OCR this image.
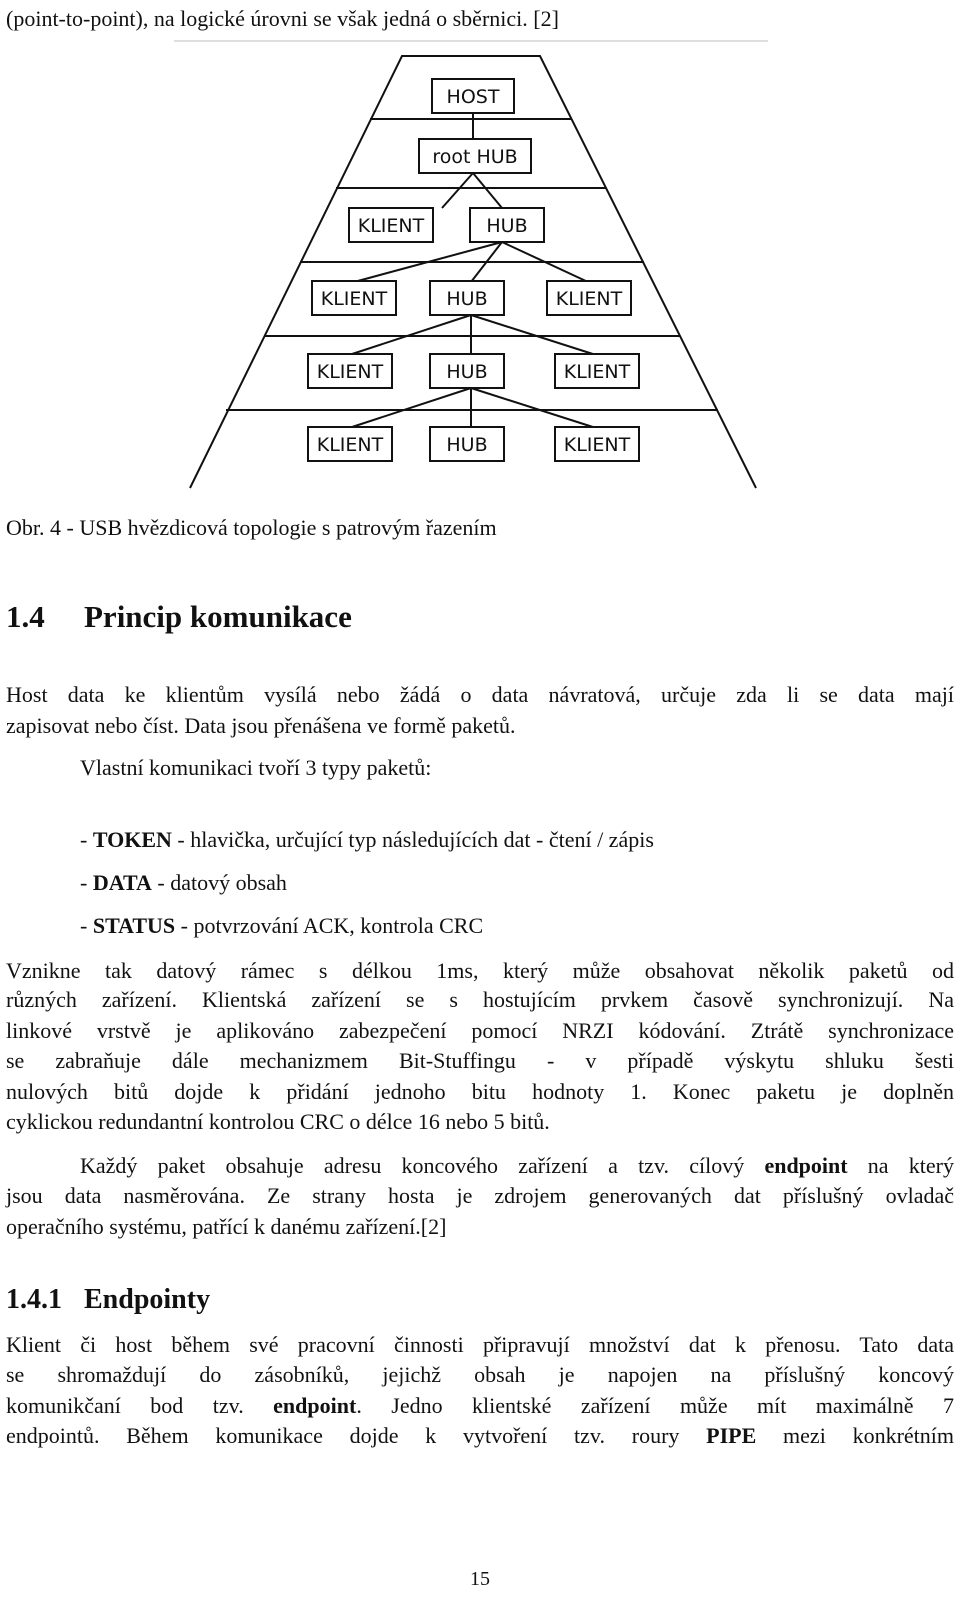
(point-to-point), na logické úrovni se však jedná o sběrnici. [2]
HOST
root HUB
KLIENT	HUB
KLIENT	HUB	KLIENT
KLIENT	HUB	KLIENT
KLIENT	HUB	KLIENT
Obr. 4 - USB hvězdicová topologie s patrovým řazením
1.4 Princip komunikace
Host data ke klientům vysílá nebo žádá o data návratová, určuje zda li se data mají
zapisovat nebo číst. Data jsou přenášena ve formě paketů.
Vlastní komunikaci tvoří 3 typy paketů:
- TOKEN - hlavička, určující typ následujících dat - čtení / zápis
- DATA - datový obsah
- STATUS - potvrzování ACK, kontrola CRC
Vznikne tak datový rámec s délkou 1ms, který může obsahovat několik paketů od
různých zařízení. Klientská zařízení se s hostujícím prvkem časově synchronizují. Na
linkové vrstvě je aplikováno zabezpečení pomocí NRZI kódování. Ztrátě synchronizace
se zabraňuje dále mechanizmem Bit-Stuffingu - v případě výskytu shluku šesti
nulových bitů dojde k přidání jednoho bitu hodnoty 1. Konec paketu je doplněn
cyklickou redundantní kontrolou CRC o délce 16 nebo 5 bitů.
Každý paket obsahuje adresu koncového zařízení a tzv. cílový endpoint na který
jsou data nasměrována. Ze strany hosta je zdrojem generovaných dat příslušný ovladač
operačního systému, patřící k danému zařízení.[2]
1.4.1 Endpointy
Klient či host během své pracovní činnosti připravují množství dat k přenosu. Tato data
se shromaždují do zásobníků, jejichž obsah je napojen na příslušný koncový
komunikčaní bod tzv. endpoint. Jedno klientské zařízení může mít maximálně 7
endpointů. Během komunikace dojde k vytvoření tzv. roury PIPE mezi konkrétním
15
